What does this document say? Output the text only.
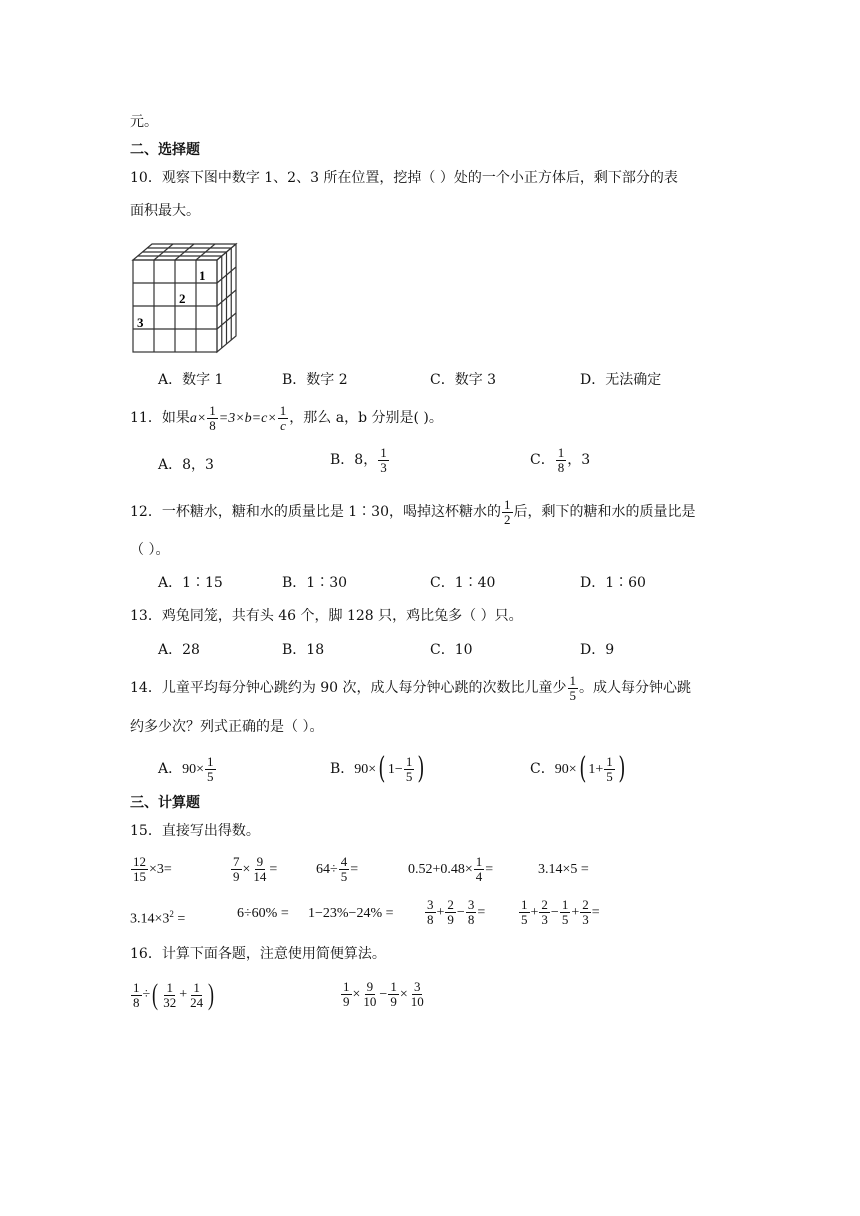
元。
二、选择题
10．观察下图中数字 1、2、3 所在位置，挖掉（ ）处的一个小正方体后，剩下部分的表
面积最大。
1
2
3
A．数字 1	B．数字 2	C．数字 3	D．无法确定
11．如果$a\times \frac{1}{8} =3\times b=c\times \frac{1}{c}$ ，那么 a，b 分别是( )。
A．8，3	B．8， $\frac{1}{3}$	C． $\frac{1}{8}$ ，3
12．一杯糖水，糖和水的质量比是 1∶30，喝掉这杯糖水的 $\frac{1}{2}$ 后，剩下的糖和水的质量比是
（ ）。
A．1∶15	B．1∶30	C．1∶40	D．1∶60
13．鸡兔同笼，共有头 46 个，脚 128 只，鸡比兔多（ ）只。
A．28	B．18	C．10	D．9
14．儿童平均每分钟心跳约为 90 次，成人每分钟心跳的次数比儿童少 $\frac{1}{5}$ 。成人每分钟心跳
约多少次？列式正确的是（ ）。
A．$90\times \frac{1}{5}$	B．90×( $1- \frac{1}{5}$ )	C．90×( $1+ \frac{1}{5}$ )
三、计算题
15．直接写出得数。
$\frac{12}{15} \times 3=$	$\frac{7}{9} \times \frac{9}{14}$ =	$64\div \frac{4}{5}$ =	$0.52+0.48\times \frac{1}{4}$ =	3.14×5 =
$3.14\times 3^2$ =	$6\div 60\% = 1-23\%-24\% = \frac{3}{8} + \frac{2}{9} - \frac{3}{8}$ =	$\frac{1}{5} + \frac{2}{3} - \frac{1}{5} + \frac{2}{3}$ =
16．计算下面各题，注意使用简便算法。
$\frac{1}{8}$ ÷( $\frac{1}{32} + \frac{1}{24}$ )	$\frac{1}{9} \times \frac{9}{10} - \frac{1}{9} \times \frac{3}{10}$
